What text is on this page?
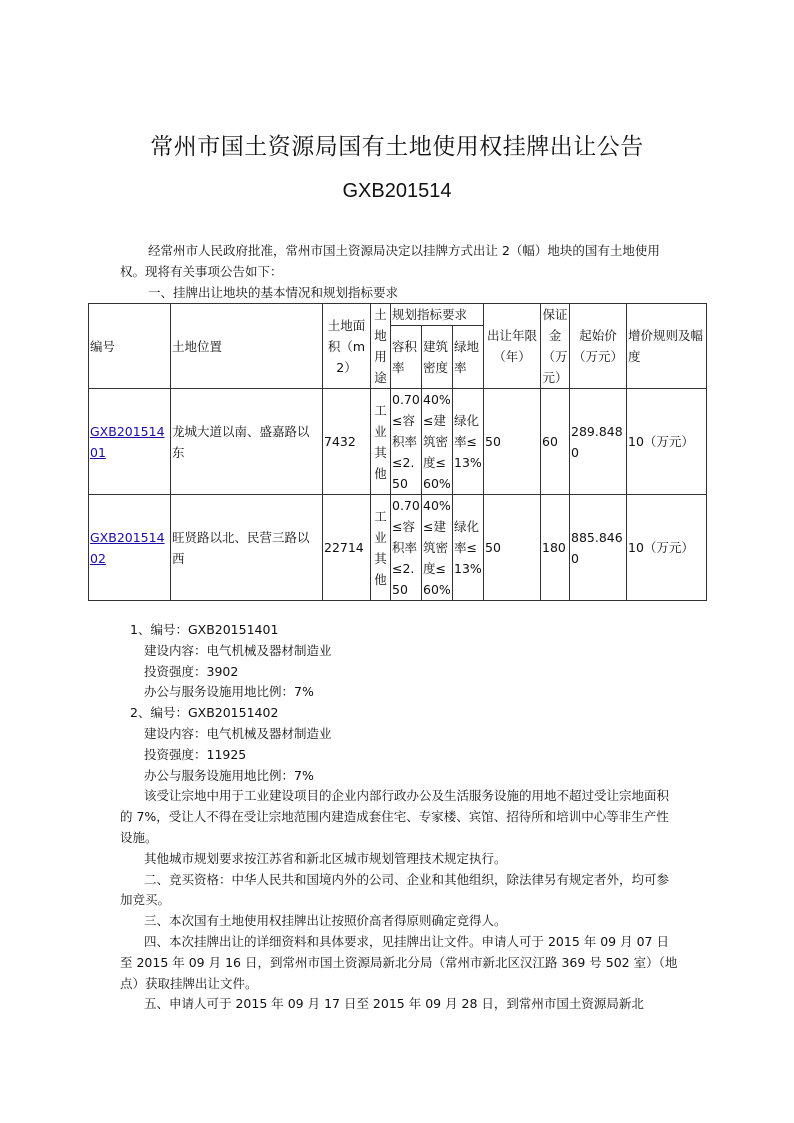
常州市国土资源局国有土地使用权挂牌出让公告
GXB201514
经常州市人民政府批准，常州市国土资源局决定以挂牌方式出让 2（幅）地块的国有土地使用权。现将有关事项公告如下：
一、挂牌出让地块的基本情况和规划指标要求
编号	土地位置	土地面积（m2）	土地用途	规划指标要求			出让年限（年）	保证金（万元）	起始价（万元）	增价规则及幅度
				容积率	建筑密度	绿地率				
GXB20151401	龙城大道以南、盛嘉路以东	7432	工业其他	0.70≤容积率≤2.50	40%≤建筑密度≤60%	绿化率≤13%	50	60	289.8480	10（万元）
GXB20151402	旺贤路以北、民营三路以西	22714	工业其他	0.70≤容积率≤2.50	40%≤建筑密度≤60%	绿化率≤13%	50	180	885.8460	10（万元）
1、编号：GXB20151401
建设内容：电气机械及器材制造业
投资强度：3902
办公与服务设施用地比例：7%
2、编号：GXB20151402
建设内容：电气机械及器材制造业
投资强度：11925
办公与服务设施用地比例：7%
该受让宗地中用于工业建设项目的企业内部行政办公及生活服务设施的用地不超过受让宗地面积的 7%，受让人不得在受让宗地范围内建造成套住宅、专家楼、宾馆、招待所和培训中心等非生产性设施。
其他城市规划要求按江苏省和新北区城市规划管理技术规定执行。
二、竞买资格：中华人民共和国境内外的公司、企业和其他组织，除法律另有规定者外，均可参加竞买。
三、本次国有土地使用权挂牌出让按照价高者得原则确定竞得人。
四、本次挂牌出让的详细资料和具体要求，见挂牌出让文件。申请人可于 2015 年 09 月 07 日至 2015 年 09 月 16 日，到常州市国土资源局新北分局（常州市新北区汉江路 369 号 502 室）（地点）获取挂牌出让文件。
五、申请人可于 2015 年 09 月 17 日至 2015 年 09 月 28 日，到常州市国土资源局新北
